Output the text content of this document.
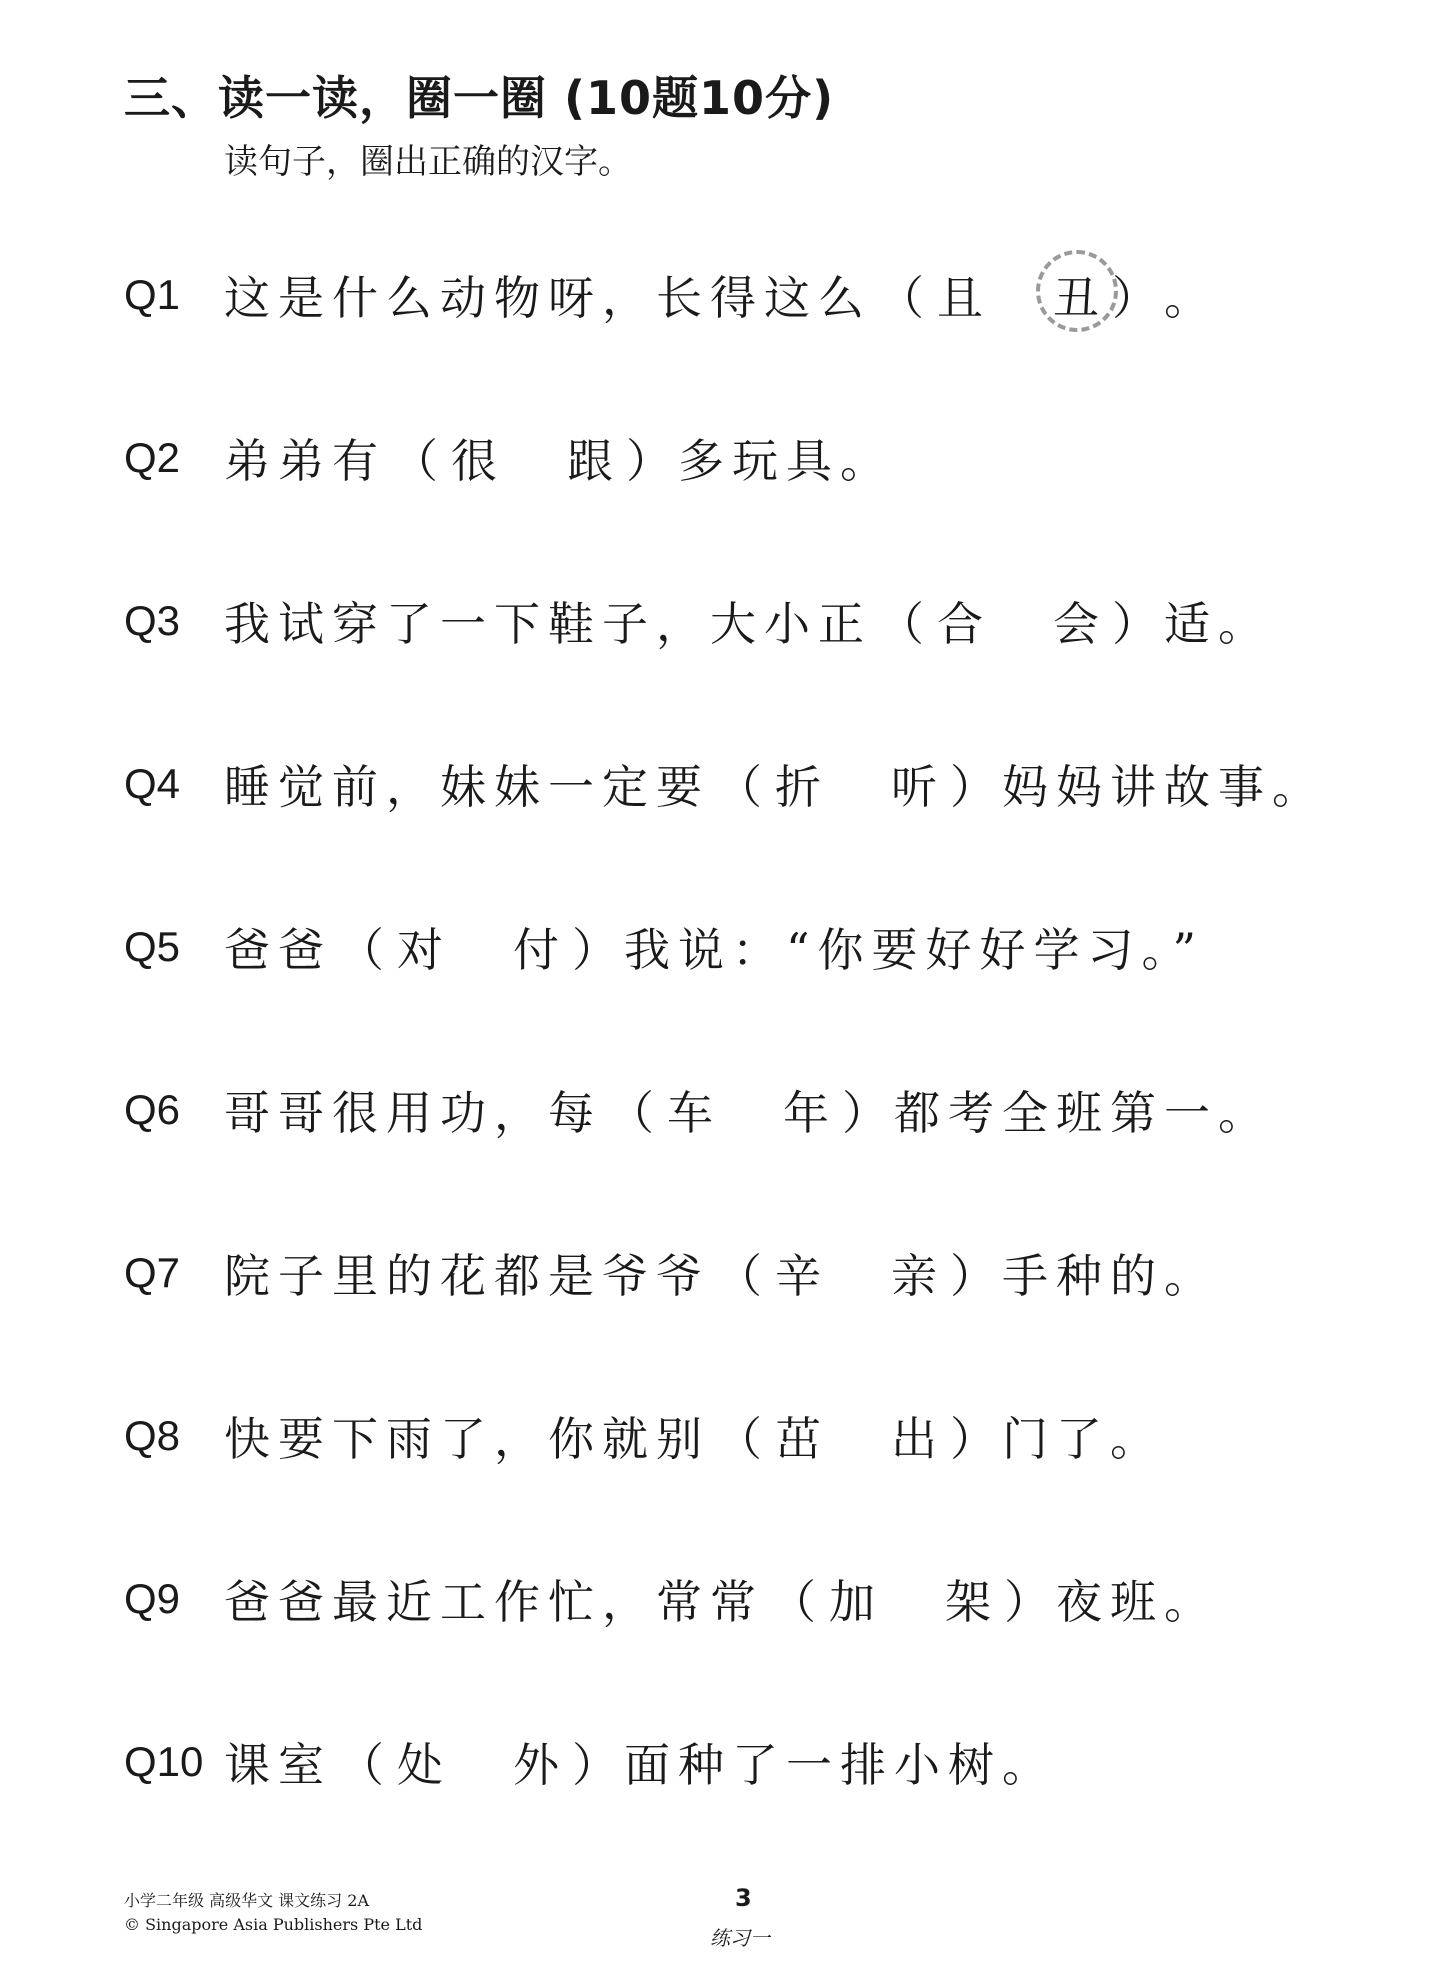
三、读一读，圈一圈 (10题10分)
读句子，圈出正确的汉字。
Q1 这是什么动物呀，长得这么 （ 且 丑 ） 。
Q2 弟弟有 （ 很 跟 ） 多玩具。
Q3 我试穿了一下鞋子，大小正 （ 合 会 ） 适。
Q4 睡觉前，妹妹一定要 （ 折 听 ） 妈妈讲故事。
Q5 爸爸 （ 对 付 ） 我说：“你要好好学习。”
Q6 哥哥很用功，每 （ 车 年 ） 都考全班第一。
Q7 院子里的花都是爷爷 （ 辛 亲 ） 手种的。
Q8 快要下雨了，你就别 （ 茁 出 ） 门了。
Q9 爸爸最近工作忙，常常 （ 加 架 ） 夜班。
Q10 课室 （ 处 外 ） 面种了一排小树。
小学二年级 高级华文 课文练习 2A
© Singapore Asia Publishers Pte Ltd
3
练习一
